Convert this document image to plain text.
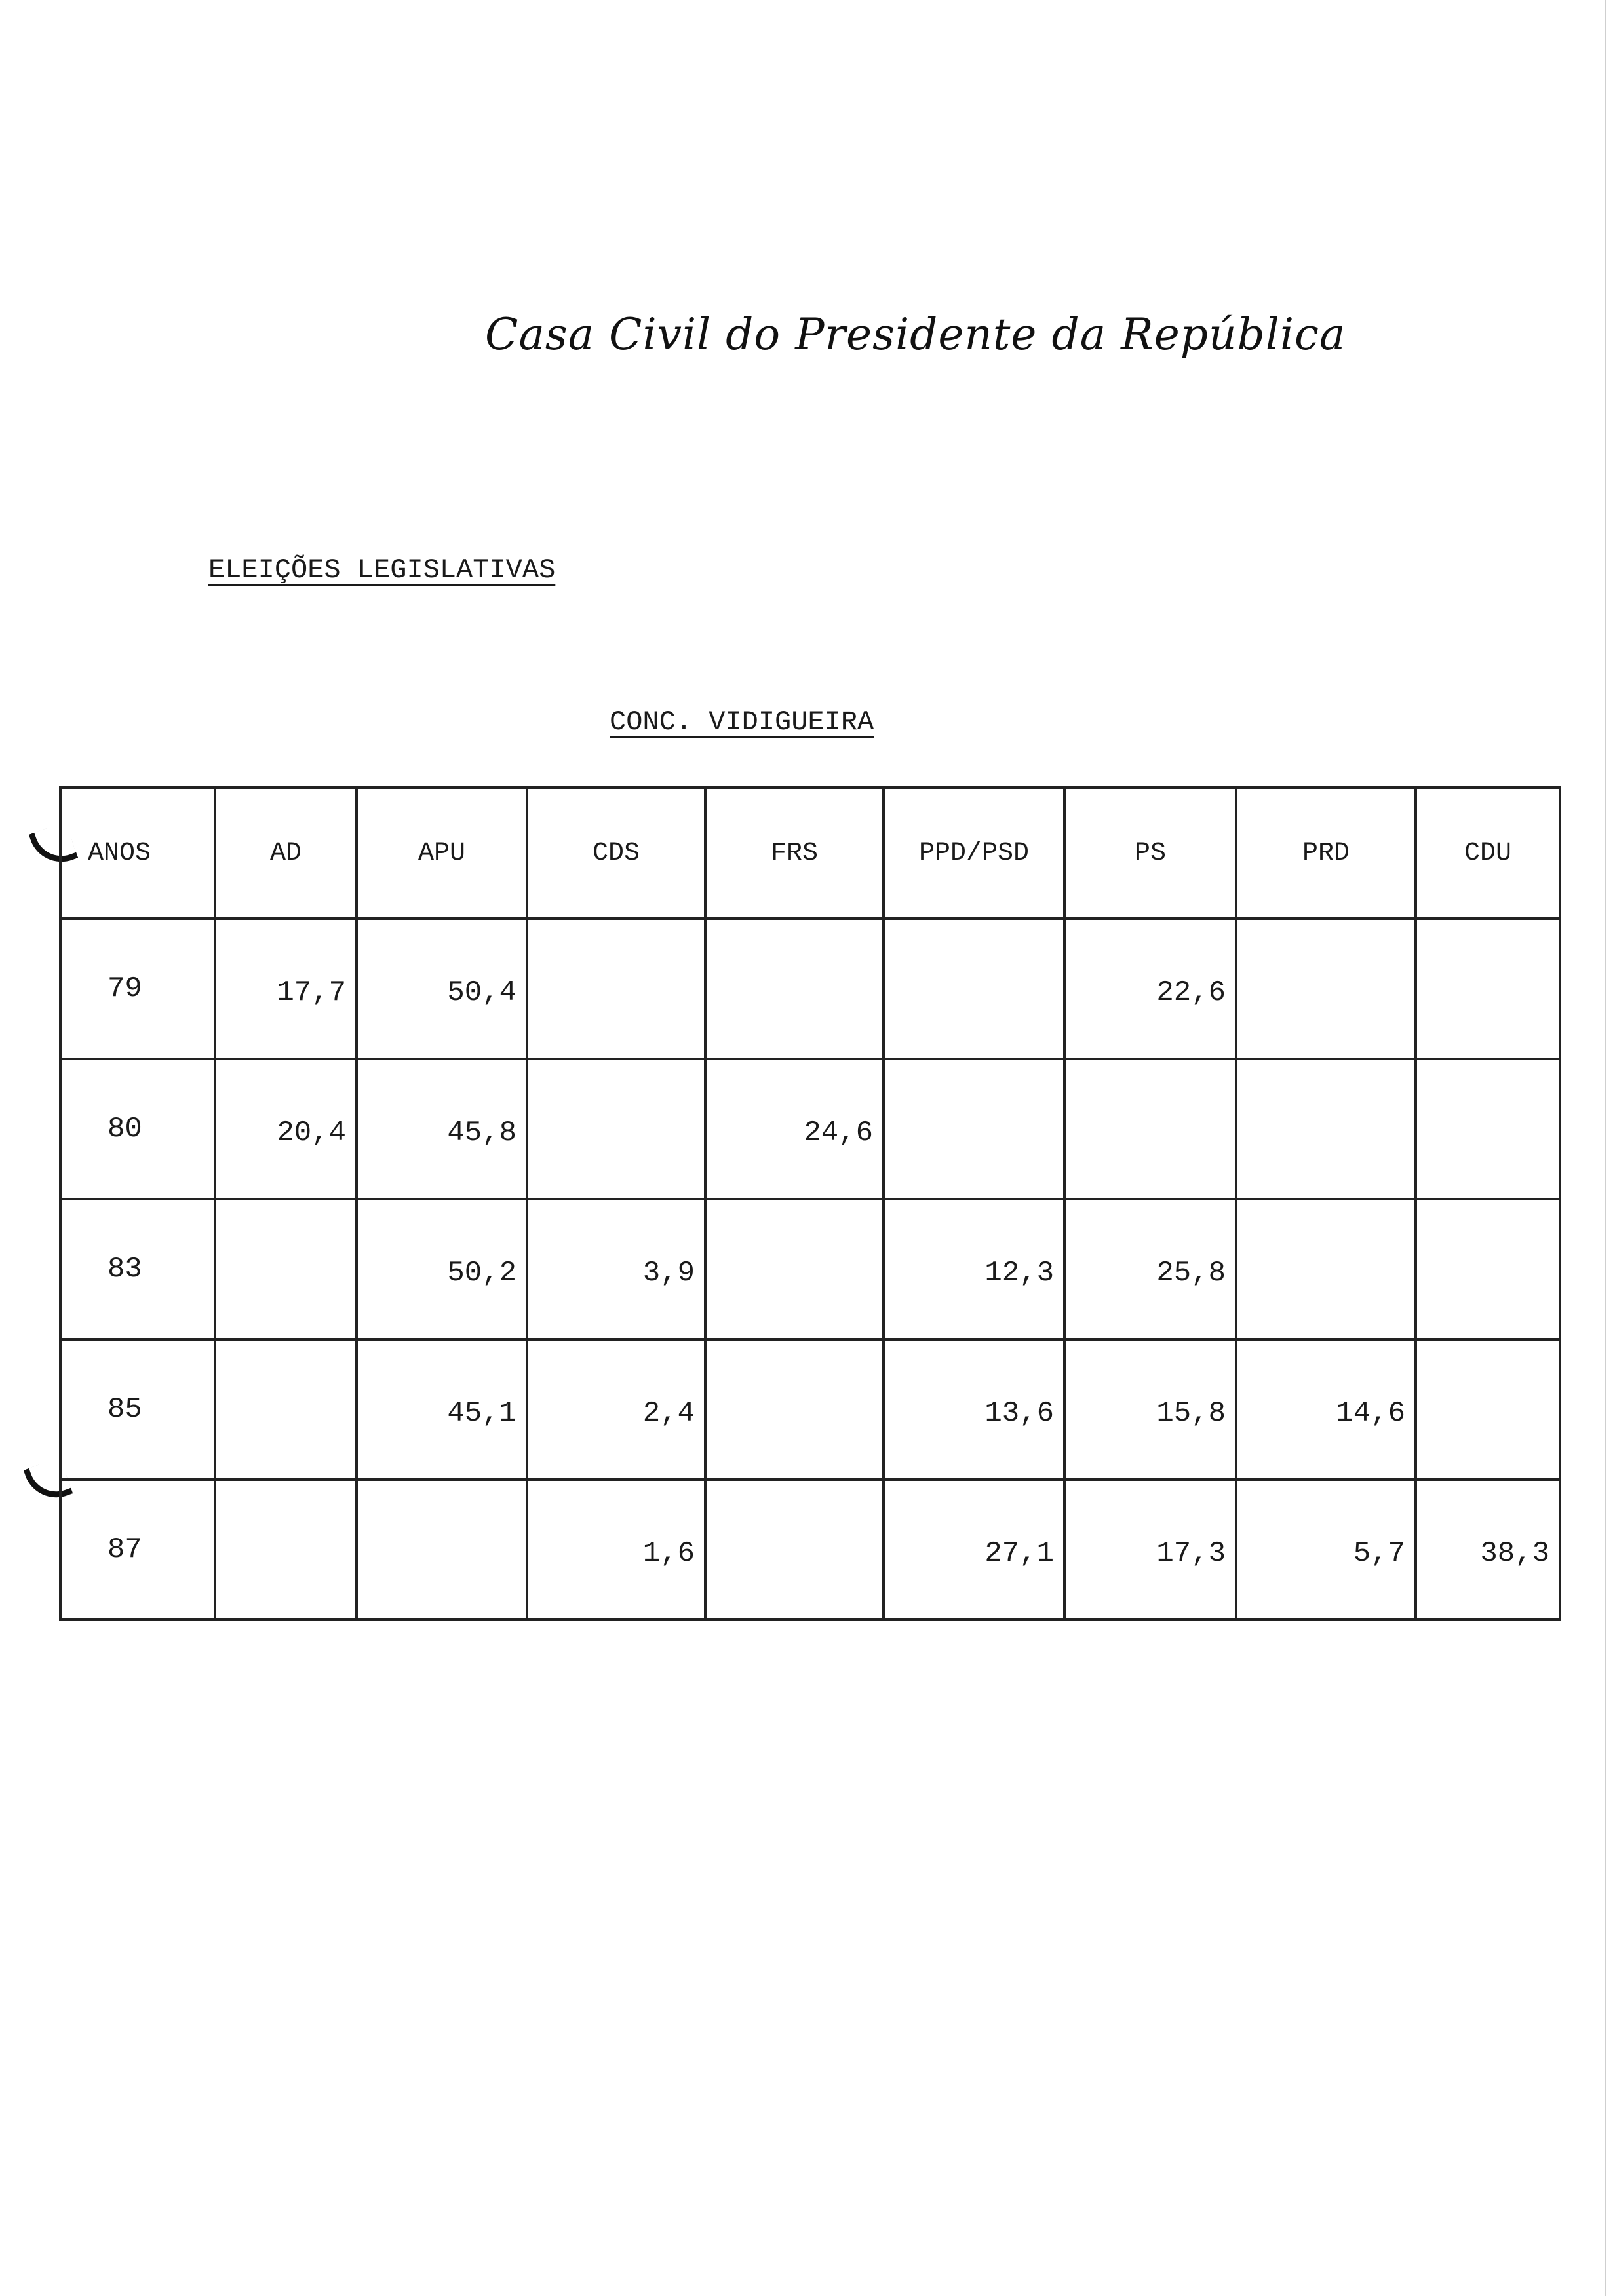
Casa Civil do Presidente da República
ELEIÇÕES LEGISLATIVAS
CONC. VIDIGUEIRA
ANOS	AD	APU	CDS	FRS	PPD/PSD	PS	PRD	CDU
79	17,7	50,4				22,6		
80	20,4	45,8		24,6				
83		50,2	3,9		12,3	25,8		
85		45,1	2,4		13,6	15,8	14,6	
87			1,6		27,1	17,3	5,7	38,3
